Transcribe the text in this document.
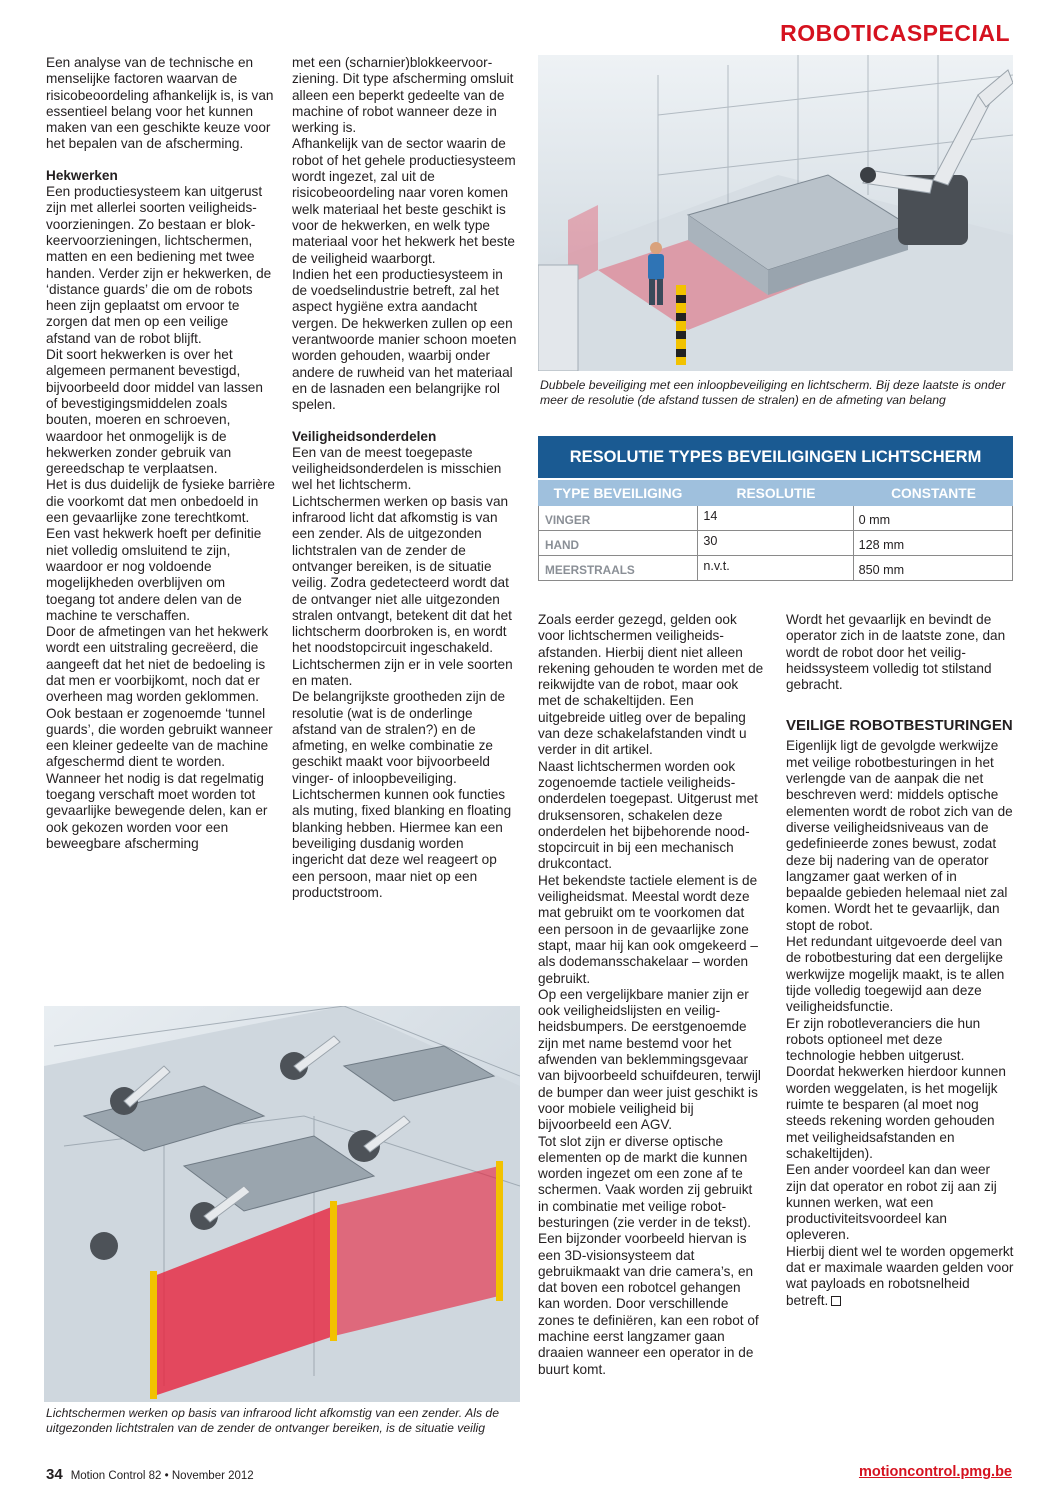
ROBOTICASPECIAL

Een analyse van de technische en menselijke factoren waarvan de risicobeoordeling afhankelijk is, is van essentieel belang voor het kunnen maken van een geschikte keuze voor het bepalen van de afscherming.

Hekwerken

Een productiesysteem kan uitgerust zijn met allerlei soorten veiligheidsvoorzieningen. Zo bestaan er blokkeervoorzieningen, lichtschermen, matten en een bediening met twee handen. Verder zijn er hekwerken, de ‘distance guards’ die om de robots heen zijn geplaatst om ervoor te zorgen dat men op een veilige afstand van de robot blijft.

Dit soort hekwerken is over het algemeen permanent bevestigd, bijvoorbeeld door middel van lassen of bevestigingsmiddelen zoals bouten, moeren en schroeven, waardoor het onmogelijk is de hekwerken zonder gebruik van gereedschap te verplaatsen.

Het is dus duidelijk de fysieke barrière die voorkomt dat men onbedoeld in een gevaarlijke zone terechtkomt.

Een vast hekwerk hoeft per definitie niet volledig omsluitend te zijn, waardoor er nog voldoende mogelijkheden overblijven om toegang tot andere delen van de machine te verschaffen.

Door de afmetingen van het hekwerk wordt een uitstraling gecreëerd, die aangeeft dat het niet de bedoeling is dat men er voorbijkomt, noch dat er overheen mag worden geklommen.

Ook bestaan er zogenoemde ‘tunnel guards’, die worden gebruikt wanneer een kleiner gedeelte van de machine afgeschermd dient te worden.

Wanneer het nodig is dat regelmatig toegang verschaft moet worden tot gevaarlijke bewegende delen, kan er ook gekozen worden voor een beweegbare afscherming

met een (scharnier)blokkeervoorziening. Dit type afscherming omsluit alleen een beperkt gedeelte van de machine of robot wanneer deze in werking is.

Afhankelijk van de sector waarin de robot of het gehele productiesysteem wordt ingezet, zal uit de risicobeoordeling naar voren komen welk materiaal het beste geschikt is voor de hekwerken, en welk type materiaal voor het hekwerk het beste de veiligheid waarborgt.

Indien het een productiesysteem in de voedselindustrie betreft, zal het aspect hygiëne extra aandacht vergen. De hekwerken zullen op een verantwoorde manier schoon moeten worden gehouden, waarbij onder andere de ruwheid van het materiaal en de lasnaden een belangrijke rol spelen.

Veiligheidsonderdelen

Een van de meest toegepaste veiligheidsonderdelen is misschien wel het lichtscherm.

Lichtschermen werken op basis van infrarood licht dat afkomstig is van een zender. Als de uitgezonden lichtstralen van de zender de ontvanger bereiken, is de situatie veilig. Zodra gedetecteerd wordt dat de ontvanger niet alle uitgezonden stralen ontvangt, betekent dit dat het lichtscherm doorbroken is, en wordt het noodstopcircuit ingeschakeld.

Lichtschermen zijn er in vele soorten en maten.

De belangrijkste grootheden zijn de resolutie (wat is de onderlinge afstand van de stralen?) en de afmeting, en welke combinatie ze geschikt maakt voor bijvoorbeeld vinger- of inloopbeveiliging.

Lichtschermen kunnen ook functies als muting, fixed blanking en floating blanking hebben. Hiermee kan een beveiliging dusdanig worden ingericht dat deze wel reageert op een persoon, maar niet op een productstroom.

Dubbele beveiliging met een inloopbeveiliging en lichtscherm. Bij deze laatste is onder meer de resolutie (de afstand tussen de stralen) en de afmeting van belang
RESOLUTIE TYPES BEVEILIGINGEN LICHTSCHERM
TYPE BEVEILIGING	RESOLUTIE	CONSTANTE
VINGER	14	0 mm
HAND	30	128 mm
MEERSTRAALS	n.v.t.	850 mm

Zoals eerder gezegd, gelden ook voor lichtschermen veiligheidsafstanden. Hierbij dient niet alleen rekening gehouden te worden met de reikwijdte van de robot, maar ook met de schakeltijden. Een uitgebreide uitleg over de bepaling van deze schakelafstanden vindt u verder in dit artikel.

Naast lichtschermen worden ook zogenoemde tactiele veiligheidsonderdelen toegepast. Uitgerust met druksensoren, schakelen deze onderdelen het bijbehorende noodstopcircuit in bij een mechanisch drukcontact.

Het bekendste tactiele element is de veiligheidsmat. Meestal wordt deze mat gebruikt om te voorkomen dat een persoon in de gevaarlijke zone stapt, maar hij kan ook omgekeerd – als dodemansschakelaar – worden gebruikt.

Op een vergelijkbare manier zijn er ook veiligheidslijsten en veiligheidsbumpers. De eerstgenoemde zijn met name bestemd voor het afwenden van beklemmingsgevaar van bijvoorbeeld schuifdeuren, terwijl de bumper dan weer juist geschikt is voor mobiele veiligheid bij bijvoorbeeld een AGV.

Tot slot zijn er diverse optische elementen op de markt die kunnen worden ingezet om een zone af te schermen. Vaak worden zij gebruikt in combinatie met veilige robotbesturingen (zie verder in de tekst). Een bijzonder voorbeeld hiervan is een 3D-visionsysteem dat gebruikmaakt van drie camera’s, en dat boven een robotcel gehangen kan worden. Door verschillende zones te definiëren, kan een robot of machine eerst langzamer gaan draaien wanneer een operator in de buurt komt.

Wordt het gevaarlijk en bevindt de operator zich in de laatste zone, dan wordt de robot door het veiligheidssysteem volledig tot stilstand gebracht.

VEILIGE ROBOTBESTURINGEN

Eigenlijk ligt de gevolgde werkwijze met veilige robotbesturingen in het verlengde van de aanpak die net beschreven werd: middels optische elementen wordt de robot zich van de diverse veiligheidsniveaus van de gedefinieerde zones bewust, zodat deze bij nadering van de operator langzamer gaat werken of in bepaalde gebieden helemaal niet zal komen. Wordt het te gevaarlijk, dan stopt de robot.

Het redundant uitgevoerde deel van de robotbesturing dat een dergelijke werkwijze mogelijk maakt, is te allen tijde volledig toegewijd aan deze veiligheidsfunctie.

Er zijn robotleveranciers die hun robots optioneel met deze technologie hebben uitgerust.

Doordat hekwerken hierdoor kunnen worden weggelaten, is het mogelijk ruimte te besparen (al moet nog steeds rekening worden gehouden met veiligheidsafstanden en schakeltijden).

Een ander voordeel kan dan weer zijn dat operator en robot zij aan zij kunnen werken, wat een productiviteitsvoordeel kan opleveren.

Hierbij dient wel te worden opgemerkt dat er maximale waarden gelden voor wat payloads en robotsnelheid betreft.

Lichtschermen werken op basis van infrarood licht afkomstig van een zender. Als de uitgezonden lichtstralen van de zender de ontvanger bereiken, is de situatie veilig
34 Motion Control 82 • November 2012	motioncontrol.pmg.be
